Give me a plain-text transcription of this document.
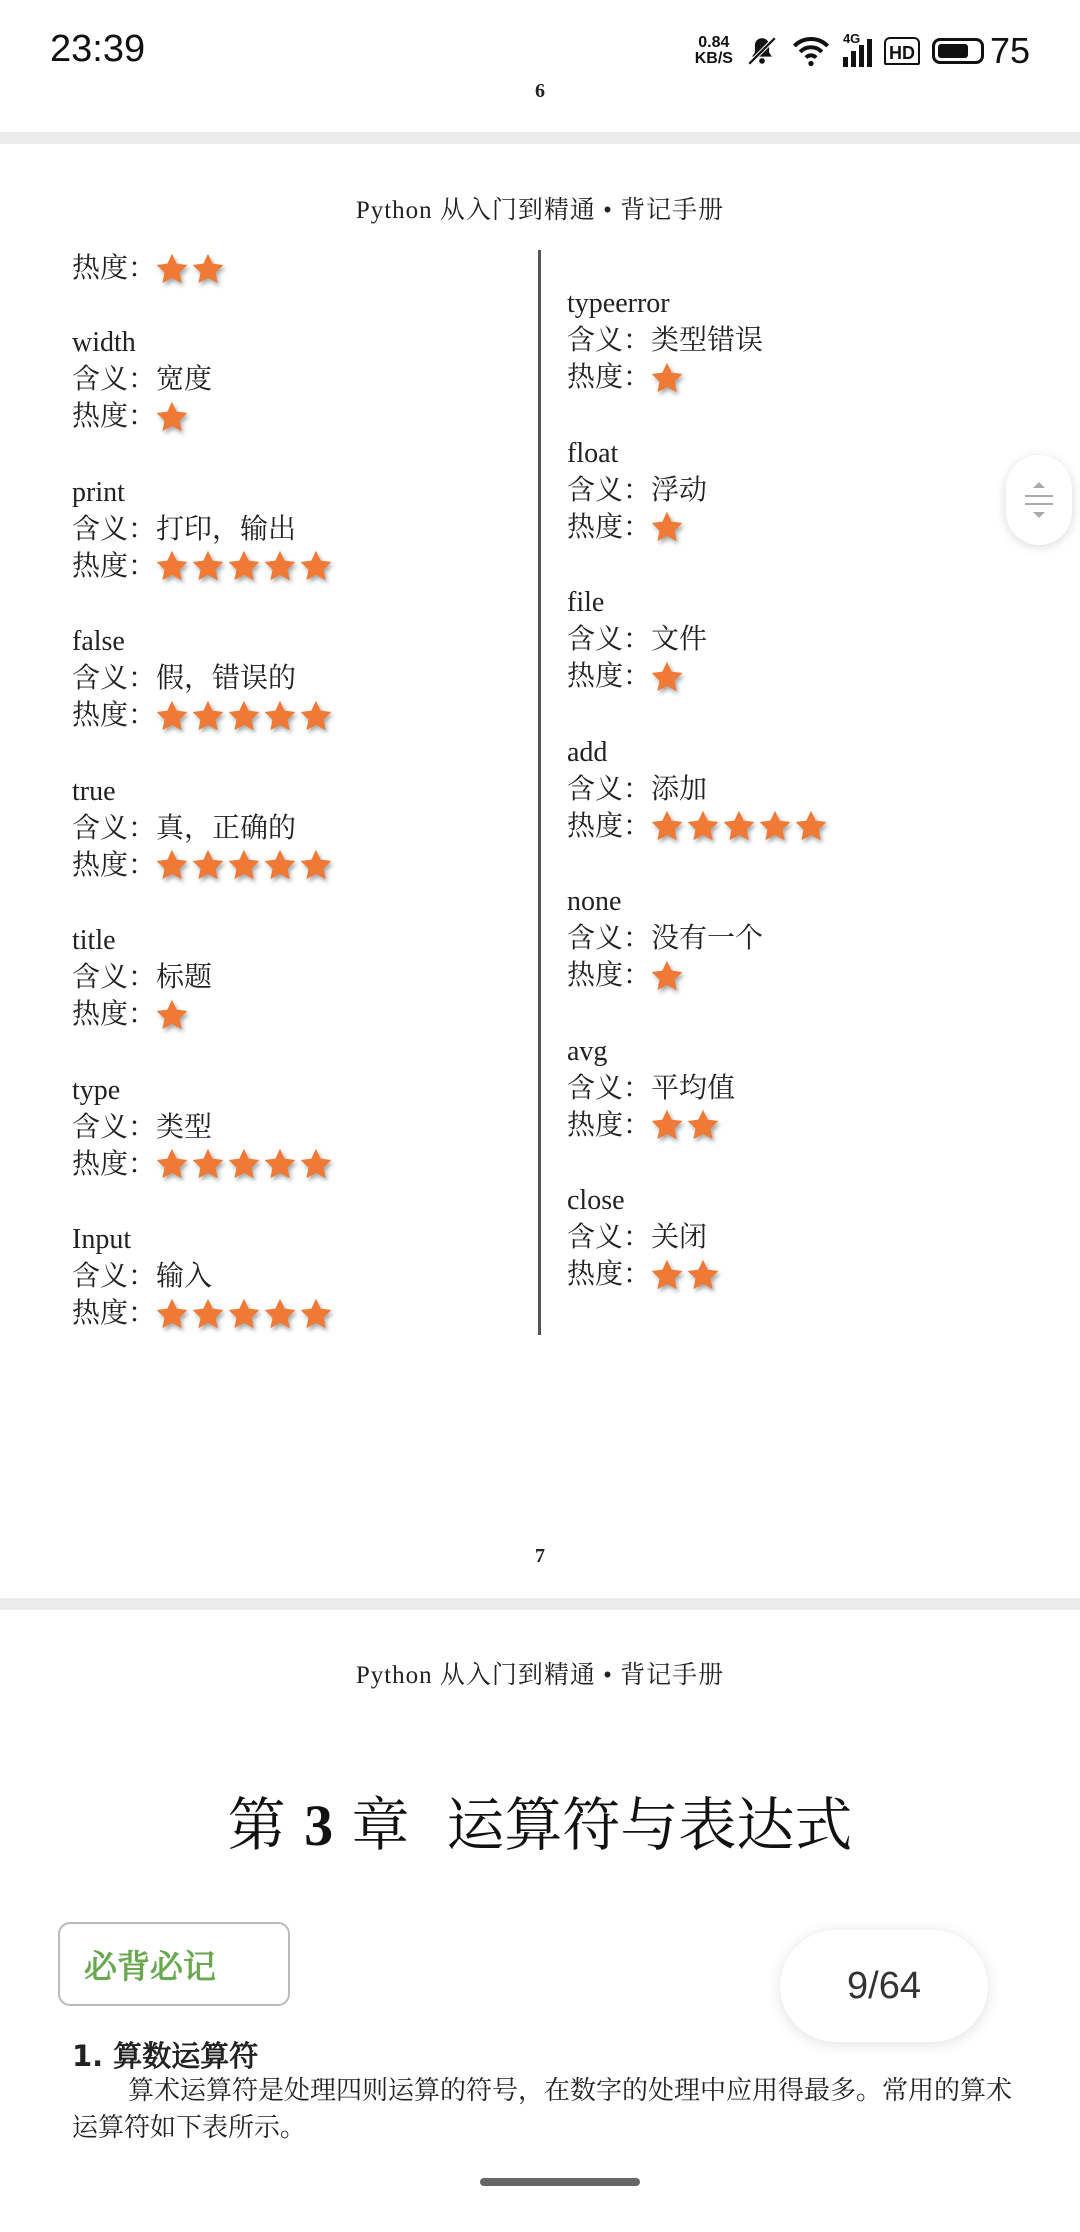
23:39	0.84
KB/S
4G
HD 75
6
Python 从入门到精通 • 背记手册
热度：
width
含义：宽度
热度：
print
含义：打印，输出
热度：
false
含义：假，错误的
热度：
true
含义：真，正确的
热度：
title
含义：标题
热度：
type
含义：类型
热度：
Input
含义：输入
热度：
typeerror
含义：类型错误
热度：
float
含义：浮动
热度：
file
含义：文件
热度：
add
含义：添加
热度：
none
含义：没有一个
热度：
avg
含义：平均值
热度：
close
含义：关闭
热度：
7
Python 从入门到精通 • 背记手册
第 3 章  运算符与表达式
必背必记	9/64
1. 算数运算符
算术运算符是处理四则运算的符号，在数字的处理中应用得最多。常用的算术运算符如下表所示。
